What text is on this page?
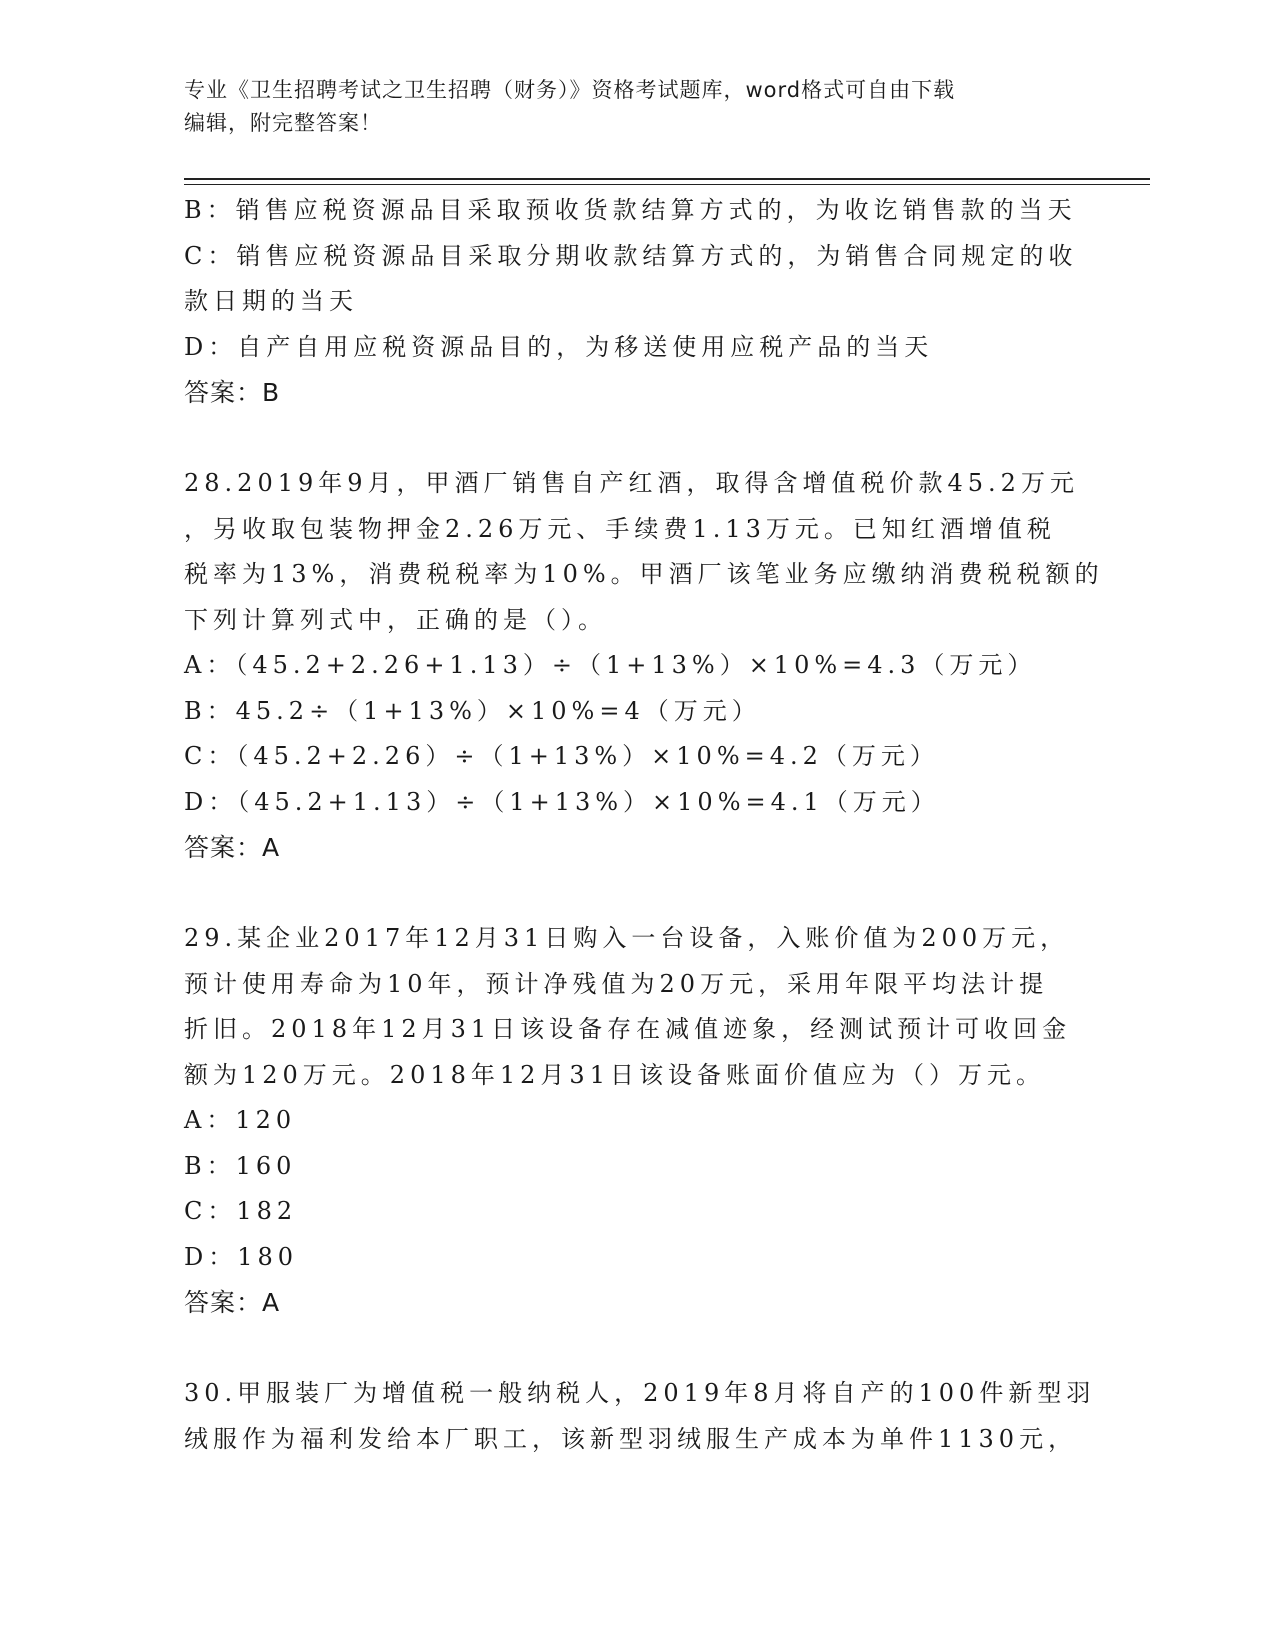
专业《卫生招聘考试之卫生招聘（财务）》资格考试题库，word格式可自由下载
编辑，附完整答案！
B：销售应税资源品目采取预收货款结算方式的，为收讫销售款的当天
C：销售应税资源品目采取分期收款结算方式的，为销售合同规定的收
款日期的当天
D：自产自用应税资源品目的，为移送使用应税产品的当天
答案：B
28.2019年9月，甲酒厂销售自产红酒，取得含增值税价款45.2万元
，另收取包装物押金2.26万元、手续费1.13万元。已知红酒增值税
税率为13%，消费税税率为10%。甲酒厂该笔业务应缴纳消费税税额的
下列计算列式中，正确的是（）。
A：（45.2+2.26+1.13）÷（1+13%）×10%=4.3（万元）
B：45.2÷（1+13%）×10%=4（万元）
C：（45.2+2.26）÷（1+13%）×10%=4.2（万元）
D：（45.2+1.13）÷（1+13%）×10%=4.1（万元）
答案：A
29.某企业2017年12月31日购入一台设备，入账价值为200万元，
预计使用寿命为10年，预计净残值为20万元，采用年限平均法计提
折旧。2018年12月31日该设备存在减值迹象，经测试预计可收回金
额为120万元。2018年12月31日该设备账面价值应为（）万元。
A：120
B：160
C：182
D：180
答案：A
30.甲服装厂为增值税一般纳税人，2019年8月将自产的100件新型羽
绒服作为福利发给本厂职工，该新型羽绒服生产成本为单件1130元，
